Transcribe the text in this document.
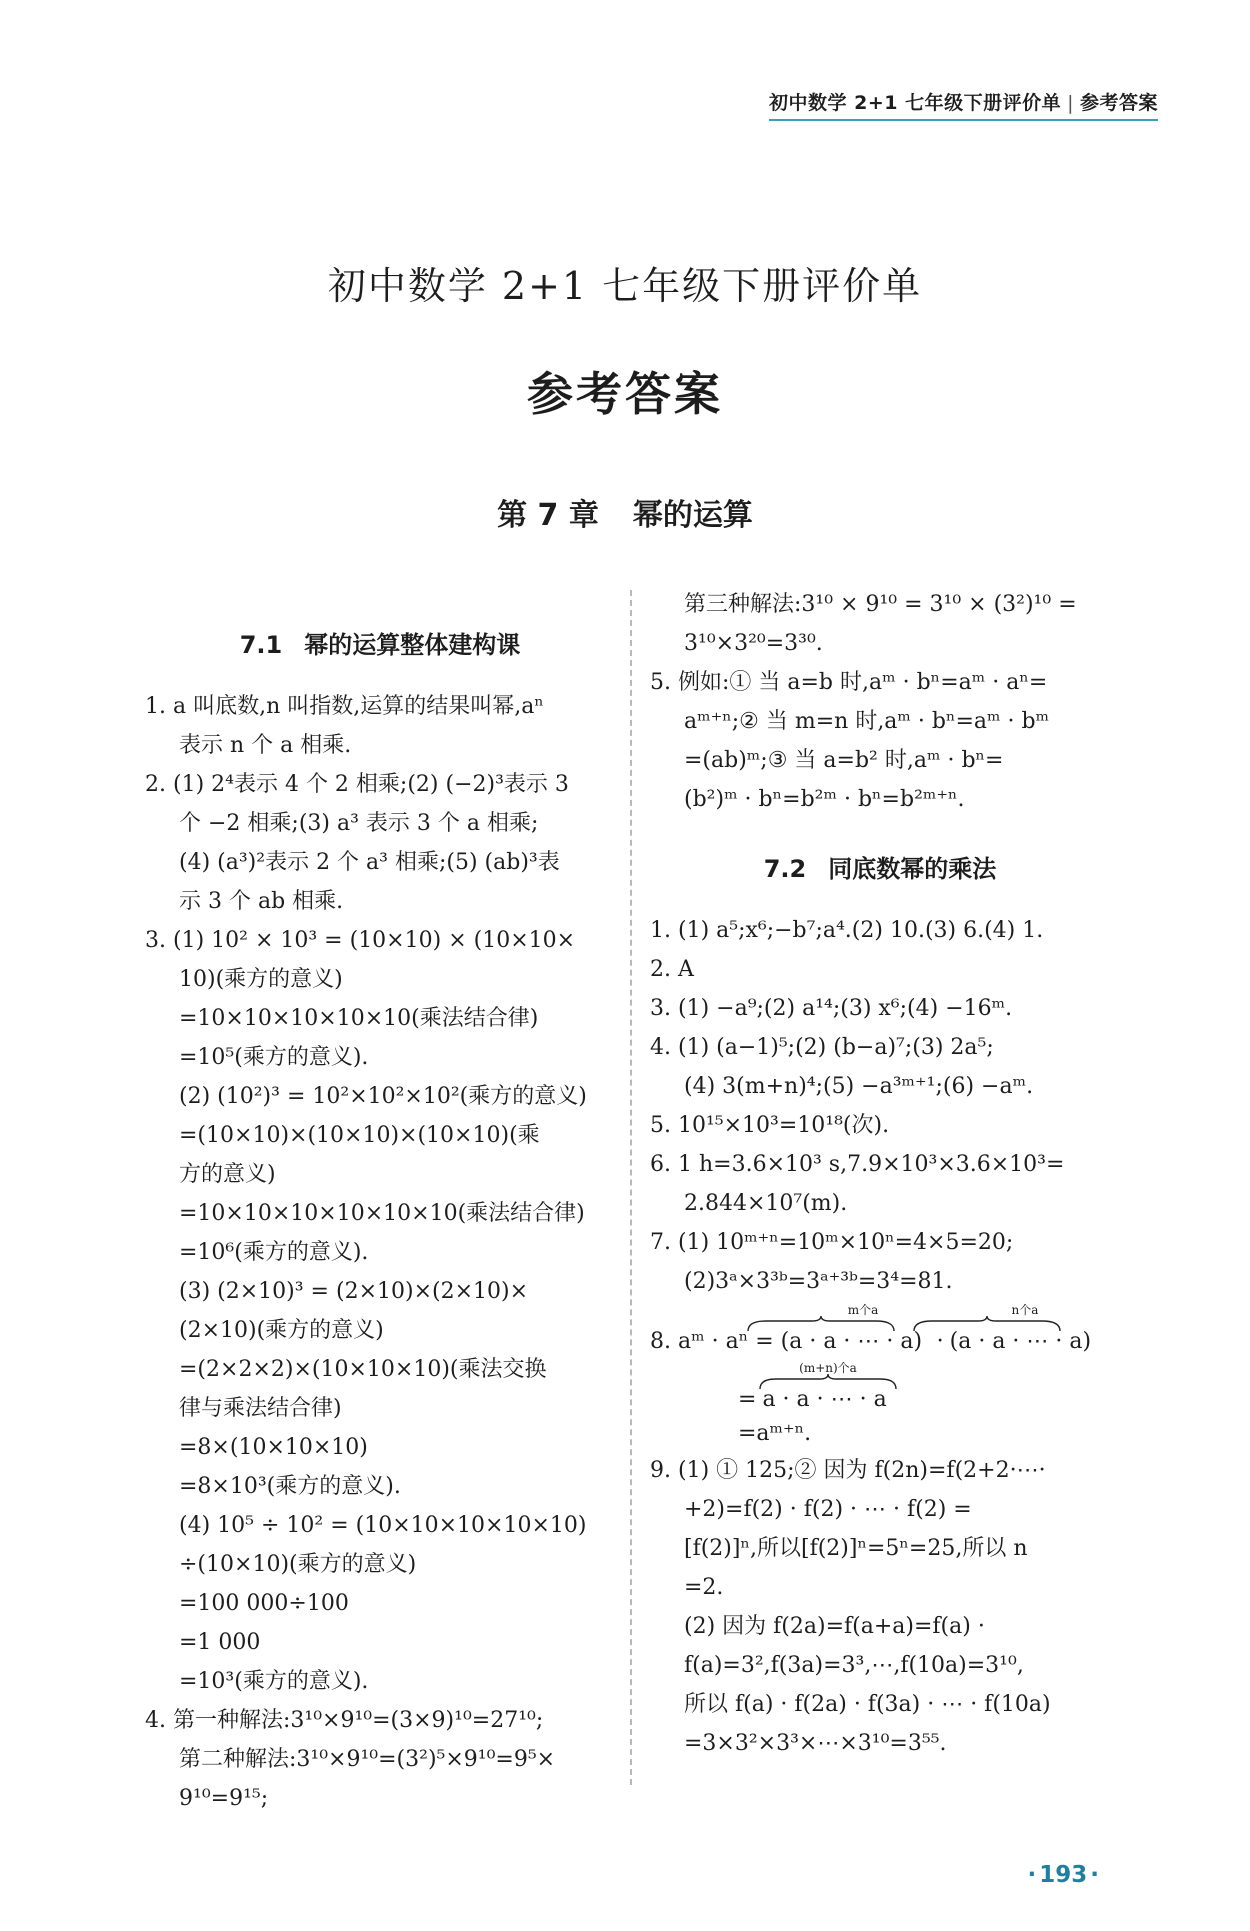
初中数学 2+1 七年级下册评价单 | 参考答案
初中数学 2+1 七年级下册评价单
参考答案
第 7 章 幂的运算
7.1 幂的运算整体建构课
1. a 叫底数,n 叫指数,运算的结果叫幂,aⁿ
表示 n 个 a 相乘.
2. (1) 2⁴表示 4 个 2 相乘;(2) (−2)³表示 3
个 −2 相乘;(3) a³ 表示 3 个 a 相乘;
(4) (a³)²表示 2 个 a³ 相乘;(5) (ab)³表
示 3 个 ab 相乘.
3. (1) 10² × 10³ = (10×10) × (10×10×
10)(乘方的意义)
=10×10×10×10×10(乘法结合律)
=10⁵(乘方的意义).
(2) (10²)³ = 10²×10²×10²(乘方的意义)
=(10×10)×(10×10)×(10×10)(乘
方的意义)
=10×10×10×10×10×10(乘法结合律)
=10⁶(乘方的意义).
(3) (2×10)³ = (2×10)×(2×10)×
(2×10)(乘方的意义)
=(2×2×2)×(10×10×10)(乘法交换
律与乘法结合律)
=8×(10×10×10)
=8×10³(乘方的意义).
(4) 10⁵ ÷ 10² = (10×10×10×10×10)
÷(10×10)(乘方的意义)
=100 000÷100
=1 000
=10³(乘方的意义).
4. 第一种解法:3¹⁰×9¹⁰=(3×9)¹⁰=27¹⁰;
第二种解法:3¹⁰×9¹⁰=(3²)⁵×9¹⁰=9⁵×
9¹⁰=9¹⁵;
第三种解法:3¹⁰ × 9¹⁰ = 3¹⁰ × (3²)¹⁰ =
3¹⁰×3²⁰=3³⁰.
5. 例如:① 当 a=b 时,aᵐ · bⁿ=aᵐ · aⁿ=
aᵐ⁺ⁿ;② 当 m=n 时,aᵐ · bⁿ=aᵐ · bᵐ
=(ab)ᵐ;③ 当 a=b² 时,aᵐ · bⁿ=
(b²)ᵐ · bⁿ=b²ᵐ · bⁿ=b²ᵐ⁺ⁿ.
7.2 同底数幂的乘法
1. (1) a⁵;x⁶;−b⁷;a⁴.(2) 10.(3) 6.(4) 1.
2. A
3. (1) −a⁹;(2) a¹⁴;(3) x⁶;(4) −16ᵐ.
4. (1) (a−1)⁵;(2) (b−a)⁷;(3) 2a⁵;
(4) 3(m+n)⁴;(5) −a³ᵐ⁺¹;(6) −aᵐ.
5. 10¹⁵×10³=10¹⁸(次).
6. 1 h=3.6×10³ s,7.9×10³×3.6×10³=
2.844×10⁷(m).
7. (1) 10ᵐ⁺ⁿ=10ᵐ×10ⁿ=4×5=20;
(2)3ᵃ×3³ᵇ=3ᵃ⁺³ᵇ=3⁴=81.
8. aᵐ · aⁿ = (a · a · ⋯ · a) · (a · a · ⋯ · a)
m个a	n个a
(m+n)个a
= a · a · ⋯ · a
=aᵐ⁺ⁿ.
9. (1) ① 125;② 因为 f(2n)=f(2+2·⋯·
+2)=f(2) · f(2) · ⋯ · f(2) =
[f(2)]ⁿ,所以[f(2)]ⁿ=5ⁿ=25,所以 n
=2.
(2) 因为 f(2a)=f(a+a)=f(a) ·
f(a)=3²,f(3a)=3³,⋯,f(10a)=3¹⁰,
所以 f(a) · f(2a) · f(3a) · ⋯ · f(10a)
=3×3²×3³×⋯×3¹⁰=3⁵⁵.
· 193 ·
